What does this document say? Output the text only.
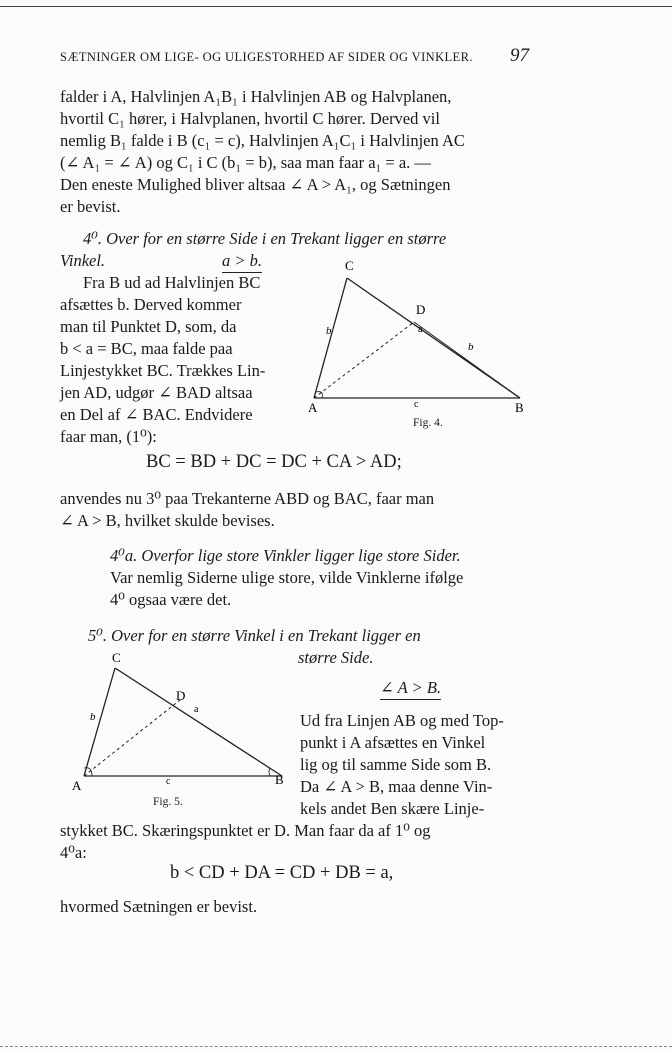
SÆTNINGER OM LIGE- OG ULIGESTORHED AF SIDER OG VINKLER. 97
falder i A, Halvlinjen A₁B₁ i Halvlinjen AB og Halvplanen,
hvortil C₁ hører, i Halvplanen, hvortil C hører. Derved vil
nemlig B₁ falde i B (c₁ = c), Halvlinjen A₁C₁ i Halvlinjen AC
(∠ A₁ = ∠ A) og C₁ i C (b₁ = b), saa man faar a₁ = a. —
Den eneste Mulighed bliver altsaa ∠ A > A₁, og Sætningen
er bevist.
4⁰. Over for en større Side i en Trekant ligger en større
Vinkel.	a > b.
Fra B ud ad Halvlinjen BC
afsættes b. Derved kommer
man til Punktet D, som, da
b < a = BC, maa falde paa
Linjestykket BC. Trækkes Lin-
jen AD, udgør ∠ BAD altsaa
en Del af ∠ BAC. Endvidere
faar man, (1⁰):
C
D
A	B
a
b
b
c
Fig. 4.
BC = BD + DC = DC + CA > AD;
anvendes nu 3⁰ paa Trekanterne ABD og BAC, faar man
∠ A > B, hvilket skulde bevises.
4⁰a. Overfor lige store Vinkler ligger lige store Sider.
Var nemlig Siderne ulige store, vilde Vinklerne ifølge
4⁰ ogsaa være det.
5⁰. Over for en større Vinkel i en Trekant ligger en
større Side.
∠ A > B.
C
D
A	B
a
b
c
Fig. 5.
Ud fra Linjen AB og med Top-
punkt i A afsættes en Vinkel
lig og til samme Side som B.
Da ∠ A > B, maa denne Vin-
kels andet Ben skære Linje-
stykket BC. Skæringspunktet er D. Man faar da af 1⁰ og
4⁰a:
b < CD + DA = CD + DB = a,
hvormed Sætningen er bevist.
